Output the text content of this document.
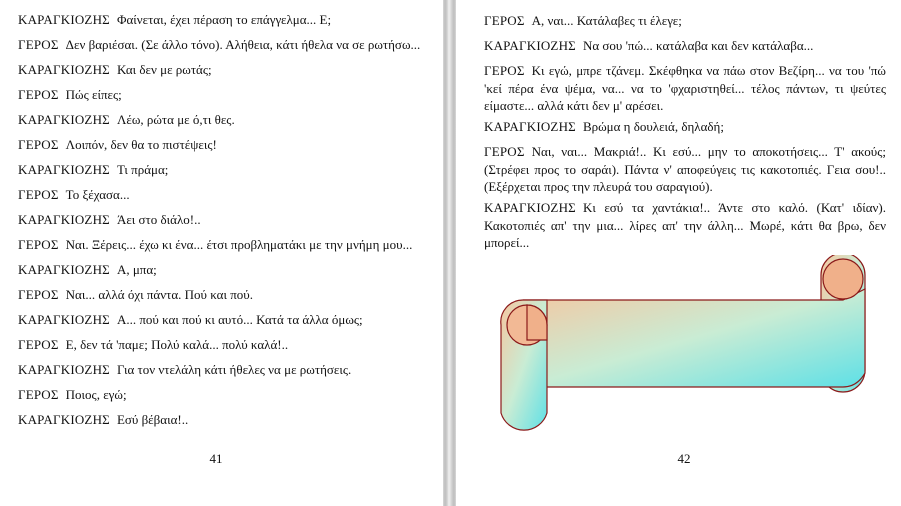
ΚΑΡΑΓΚΙΟΖΗΣ Φαίνεται, έχει πέραση το επάγγελμα... Ε;
ΓΕΡΟΣ Δεν βαριέσαι. (Σε άλλο τόνο). Αλήθεια, κάτι ήθελα να σε ρωτήσω...
ΚΑΡΑΓΚΙΟΖΗΣ Και δεν με ρωτάς;
ΓΕΡΟΣ Πώς είπες;
ΚΑΡΑΓΚΙΟΖΗΣ Λέω, ρώτα με ό,τι θες.
ΓΕΡΟΣ Λοιπόν, δεν θα το πιστέψεις!
ΚΑΡΑΓΚΙΟΖΗΣ Τι πράμα;
ΓΕΡΟΣ Το ξέχασα...
ΚΑΡΑΓΚΙΟΖΗΣ Άει στο διάλο!..
ΓΕΡΟΣ Ναι. Ξέρεις... έχω κι ένα... έτσι προβληματάκι με την μνήμη μου...
ΚΑΡΑΓΚΙΟΖΗΣ Α, μπα;
ΓΕΡΟΣ Ναι... αλλά όχι πάντα. Πού και πού.
ΚΑΡΑΓΚΙΟΖΗΣ Α... πού και πού κι αυτό... Κατά τα άλλα όμως;
ΓΕΡΟΣ Ε, δεν τά 'παμε; Πολύ καλά... πολύ καλά!..
ΚΑΡΑΓΚΙΟΖΗΣ Για τον ντελάλη κάτι ήθελες να με ρωτήσεις.
ΓΕΡΟΣ Ποιος, εγώ;
ΚΑΡΑΓΚΙΟΖΗΣ Εσύ βέβαια!..
41
ΓΕΡΟΣ Α, ναι... Κατάλαβες τι έλεγε;
ΚΑΡΑΓΚΙΟΖΗΣ Να σου 'πώ... κατάλαβα και δεν κατάλαβα...
ΓΕΡΟΣ Κι εγώ, μπρε τζάνεμ. Σκέφθηκα να πάω στον Βεζίρη... να του 'πώ 'κεί πέρα ένα ψέμα, να... να το 'φχαριστηθεί... τέλος πάντων, τι ψεύτες είμαστε... αλλά κάτι δεν μ' αρέσει.
ΚΑΡΑΓΚΙΟΖΗΣ Βρώμα η δουλειά, δηλαδή;
ΓΕΡΟΣ Ναι, ναι... Μακριά!.. Κι εσύ... μην το αποκοτήσεις... Τ' ακούς; (Στρέφει προς το σαράι). Πάντα ν' αποφεύγεις τις κακοτοπιές. Γεια σου!.. (Εξέρχεται προς την πλευρά του σαραγιού).
ΚΑΡΑΓΚΙΟΖΗΣ Κι εσύ τα χαντάκια!.. Άντε στο καλό. (Κατ' ιδίαν). Κακοτοπιές απ' την μια... λίρες απ' την άλλη... Μωρέ, κάτι θα βρω, δεν μπορεί...
42
